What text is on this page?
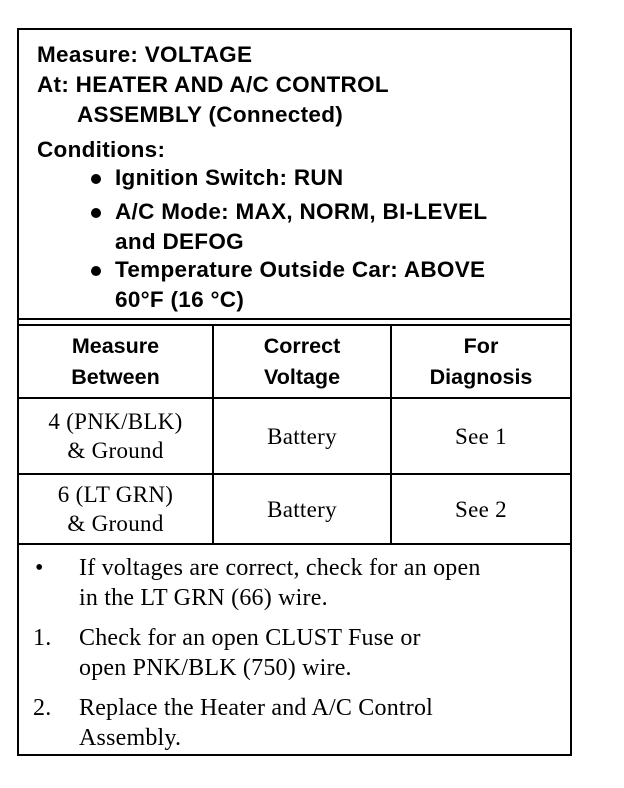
Measure: VOLTAGE
At: HEATER AND A/C CONTROL
ASSEMBLY (Connected)
Conditions:
Ignition Switch: RUN
A/C Mode: MAX, NORM, BI-LEVEL
and DEFOG
Temperature Outside Car: ABOVE
60°F (16 °C)
Measure
Between
Correct
Voltage
For
Diagnosis
4 (PNK/BLK)
& Ground
Battery	See 1
6 (LT GRN)
& Ground
Battery	See 2
• If voltages are correct, check for an open
in the LT GRN (66) wire.
1. Check for an open CLUST Fuse or
open PNK/BLK (750) wire.
2. Replace the Heater and A/C Control
Assembly.
